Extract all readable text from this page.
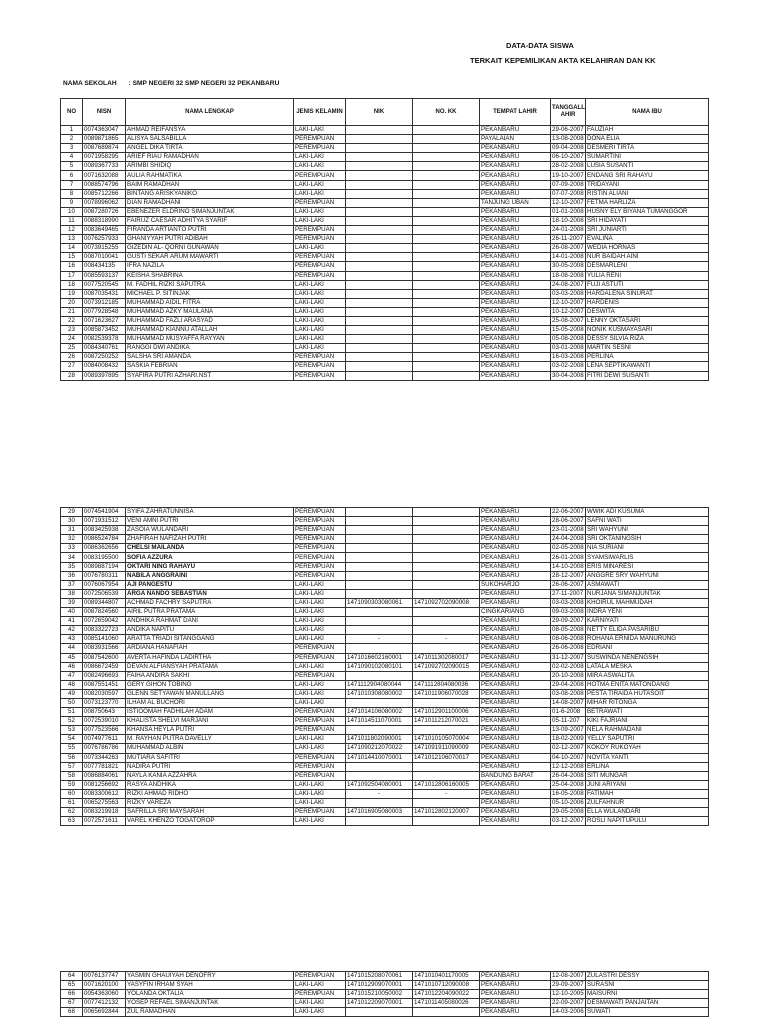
DATA-DATA SISWA
TERKAIT KEPEMILIKAN AKTA KELAHIRAN DAN KK
NAMA SEKOLAH : SMP NEGERI 32 SMP NEGERI 32 PEKANBARU
NO	NISN	NAMA LENGKAP	JENIS KELAMIN	NIK	NO. KK	TEMPAT LAHIR	TANGGALL AHIR	NAMA IBU
1	0074363047	AHMAD REIFANSYA	LAKI-LAKI			PEKANBARU	29-06-2007	FAUZIAH
2	0089871865	ALISYA SALSABILLA	PEREMPUAN			PAYALAIAN	13-08-2008	DONA ELIA
3	0087689874	ANGEL DIKA TIRTA	PEREMPUAN			PEKANBARU	09-04-2008	DESMERI TIRTA
4	0071958295	ARIEF RIAU RAMADHAN	LAKI-LAKI			PEKANBARU	06-10-2007	SUMARTINI
5	0089367733	ARIMBI SHIDIQ	LAKI-LAKI			PEKANBARU	28-02-2008	LUSIA SUSANTI
6	0071632088	AULIA RAHMATIKA	PEREMPUAN			PEKANBARU	19-10-2007	ENDANG SRI RAHAYU
7	0088574796	BAIM RAMADHAN	LAKI-LAKI			PEKANBARU	07-09-2008	TRIDAYANI
8	0085712266	BINTANG ARISKYANIKO	LAKI-LAKI			PEKANBARU	07-07-2008	RISTIN ALIANI
9	0078996062	DIAN RAMADHANI	PEREMPUAN			TANJUNG UBAN	12-10-2007	FETMA HARLIZA
10	0087280726	EBENEZER ELDRINO SIMANJUNTAK	LAKI-LAKI			PEKANBARU	01-01-2008	HUSNY ELY BIYANA TUMANGGOR
11	0088318990	FAIRUZ CAESAR ADHITYA SYARIF	LAKI-LAKI			PEKANBARU	18-10-2008	SRI HIDAYATI
12	0083649465	FIRANDA ARTIANTO PUTRI	PEREMPUAN			PEKANBARU	24-01-2008	SRI JUNIARTI
13	0076257933	GHANIYYAH PUTRI ADIBAH	PEREMPUAN			PEKANBARU	26-11-2007	EVALINA
14	0073915255	GIZEDIN AL- QORNI GUNAWAN	LAKI-LAKI			PEKANBARU	26-08-2007	WEDIA HORNAS
15	0087010041	GUSTI SEKAR ARUM MAWARTI	PEREMPUAN			PEKANBARU	14-01-2008	NUR BAIDAH AINI
16	008434135	IFRA NAZILA	PEREMPUAN			PEKANBARU	30-05-2008	DESMARLENI
17	0085593137	KEISHA SHABRINA	PEREMPUAN			PEKANBARU	18-08-2008	YULIA RENI
18	0077520545	M. FADHIL RIZKI SAPUTRA	LAKI-LAKI			PEKANBARU	24-08-2007	FUJI ASTUTI
19	0087035431	MICHAEL P. SITINJAK	LAKI-LAKI			PEKANBARU	03-03-2008	HARDALENA SINURAT
20	0073912185	MUHAMMAD AIDIL FITRA	LAKI-LAKI			PEKANBARU	12-10-2007	HARDENIS
21	0077928548	MUHAMMAD AZKY MAULANA	LAKI-LAKI			PEKANBARU	10-12-2007	DESWITA
22	0071623627	MUHAMMAD FAZLI ARASYAD	LAKI-LAKI			PEKANBARU	25-08-2007	LENNY OKTASARI
23	0085873452	MUHAMMAD KIANNU ATALLAH	LAKI-LAKI			PEKANBARU	15-05-2008	NONIK KUSMAYASARI
24	0082539378	MUHAMMAD MUSYAFFA RAYYAN	LAKI-LAKI			PEKANBARU	05-08-2008	DESSY SILVIA RIZA
25	0084340761	RANGGI DWI ANDIKA	LAKI-LAKI			PEKANBARU	03-01-2008	MARTIN SESNI
26	0087250252	SALSHA SRI AMANDA	PEREMPUAN			PEKANBARU	16-03-2008	PERLINA
27	0084008432	SASKIA FEBRIAN	PEREMPUAN			PEKANBARU	03-02-2008	LENA SEPTIKAWANTI
28	0089397895	SYAFIRA PUTRI AZHARI.NST	PEREMPUAN			PEKANBARU	30-04-2008	FITRI DEWI SUSANTI
29	0074541904	SYIFA ZAHRATUNNISA	PEREMPUAN			PEKANBARU	22-06-2007	WWIK ADI KUSUMA
30	0071931512	VENI AMNI PUTRI	PEREMPUAN			PEKANBARU	28-06-2007	SAFNI WATI
31	0083425938	ZASOIA WULANDARI	PEREMPUAN			PEKANBARU	23-01-2008	SRI WAHYUNI
32	0086524784	ZHAFIRAH NAFIZAH PUTRI	PEREMPUAN			PEKANBARU	24-04-2008	SRI OKTANINGSIH
33	0086362656	CHELSI MAILANDA	PEREMPUAN			PEKANBARU	02-05-2008	NIA SURIANI
34	0083195500	SOFIA AZZURA	PEREMPUAN			PEKANBARU	26-01-2008	SYAMSIWARLIS
35	0089887194	OKTARI NING RAHAYU	PEREMPUAN			PEKANBARU	14-10-2008	ERIS MINARESI
36	0076780311	NABILA ANGGRAINI	PEREMPUAN			PEKANBARU	28-12-2007	ANGGRE SRY WAHYUNI
37	0076067954	AJI PANGESTU	LAKI-LAKI			SUKOHARJO	26-06-2007	ASMAWATI
38	0072506539	ARGA NANDO SEBASTIAN	LAKI-LAKI			PEKANBARU	27-11-2007	NURJANA SIMANJUNTAK
39	0089344807	ACHMAD FACHRY SAPUTRA	LAKI-LAKI	1471090303080061	1471092702090008	PEKANBARU	03-03-2008	KHOIRUL MAHMUDAH
40	0087824560	AIRIL PUTRA PRATAMA	LAKI-LAKI			CINGKARIANG	09-03-2008	INDRA YENI
41	0072659042	ANDHIKA RAHMAT DANI	LAKI-LAKI			PEKANBARU	29-09-2007	KARNIYATI
42	0083322723	ANDIKA NAPITU	LAKI-LAKI			PEKANBARU	08-05-2008	NETTY ELIDA PASARIBU
43	0085141060	ARATTA TRIADI SITANGGANG	LAKI-LAKI	-	-	PEKANBARU	08-06-2008	ROHANA ERNIDA MANURUNG
44	0083931566	ARDIANA HANAFIAH	PEREMPUAN			PEKANBARU	26-06-2008	EDRIANI
45	0087542600	AVERTA HAFINDA LADIRTHA	PEREMPUAN	1471016602160001	1471011302080017	PEKANBARU	31-12-2007	SUSWINDA NENENGSIH
46	0086672459	DEVAN ALFIANSYAH PRATAMA	LAKI-LAKI	1471090102080101	1471092702090015	PEKANBARU	02-02-2008	LATALA MESKA
47	0082496693	FAIHA ANDIRA SAKHI	PEREMPUAN			PEKANBARU	20-10-2008	MIRA ASWALITA
48	0087551451	GERY GIHON TOBING	LAKI-LAKI	1471112904080044	1471112804080036	PEKANBARU	29-04-2008	HOTMA ENITA MATONDANG
49	0082030597	GLENN SETYAWAN MANULLANG	LAKI-LAKI	1471010308080002	1471011906070028	PEKANBARU	03-08-2008	PESTA TIRAIDA HUTASOIT
50	0073123770	ILHAM AL BUCHORI	LAKI-LAKI			PEKANBARU	14-08-2007	MIHAR RITONGA
51	008750643	ISTIOOMAH FADHILAH ADAM	PEREMPUAN	1471014106080002	1471012901100006	PEKANBARU	01-6-2008	BETRAWATI
52	0072539010	KHALISTA SHELVI MARJANI	PEREMPUAN	1471014511070001	1471011212070021	PEKANBARU	05-11-207	KIKI FAJRIANI
53	0077523566	KHANSA HEYLA PUTRI	PEREMPUAN			PEKANBARU	13-09-2007	NELA RAHMADANI
54	0074977611	M. RAYHAN PUTRA DAVELLY	LAKI-LAKI	1471011802090001	1471010105070004	PEKANBARU	18-02-2009	YELLY SAPUTRI
55	0076786786	MUHAMMAD ALBIN	LAKI-LAKI	1471090212070022	1471091911090009	PEKANBARU	02-12-2007	KOKOY RUKOYAH
56	0073344263	MUTIARA SAFITRI	PEREMPUAN	1471014410070001	1471012106070017	PEKANBARU	04-10-2007	NOVITA YANTI
57	0077781821	NADIRA PUTRI	PEREMPUAN			PEKANBARU	12-12-2008	ERLINA
58	0086884061	NAYLA KANIA AZZAHRA	PEREMPUAN			BANDUNG BARAT	26-04-2008	SITI MUNGAR
59	0081256692	RASYA ANDHIKA	LAKI-LAKI	1471092504080001	1471012806160005	PEKANBARU	25-04-2008	JUNI ARIYANI
60	0083300612	RIZKI AHMAD RIDHO	LAKI-LAKI	-	-	PEKANBARU	16-05-2008	FATIMAH
61	0065275563	RIZKY VAREZA	LAKI-LAKI			PEKANBARU	05-10-2006	ZULFAHNUR
62	0083219918	SAFRILLA SRI MAYSARAH	PEREMPUAN	1471016905080003	1471012802120007	PEKANBARU	29-05-2008	ELLA WULANDARI
63	0072571611	VAREL KHENZO TOGATOROP	LAKI-LAKI			PEKANBARU	03-12-2007	ROSLI NAPITUPULU
64	0076137747	YASMIN GHAUIYAH DENOFRY	PEREMPUAN	1471015208070061	1471010401170005	PEKANBARU	12-08-2007	ZULASTRI DESSY
65	0071620100	YASYFIN IRHAM SYAH	LAKI-LAKI	1471012909070001	1471010712090008	PEKANBARU	29-09-2007	SURASNI
66	0054363060	YOLANDA OKTALIA	PEREMPUAN	1471015210050002	1471012204090022	PEKANBARU	12-10-2005	MAISURNI
67	0077412132	YOSEP REFAEL SIMANJUNTAK	LAKI-LAKI	1471012209070001	1471011405080026	PEKANBARU	22-09-2007	DESMAWATI PANJAITAN
68	0065692844	ZUL RAMADHAN	LAKI-LAKI			PEKANBARU	14-03-2006	SUWATI
